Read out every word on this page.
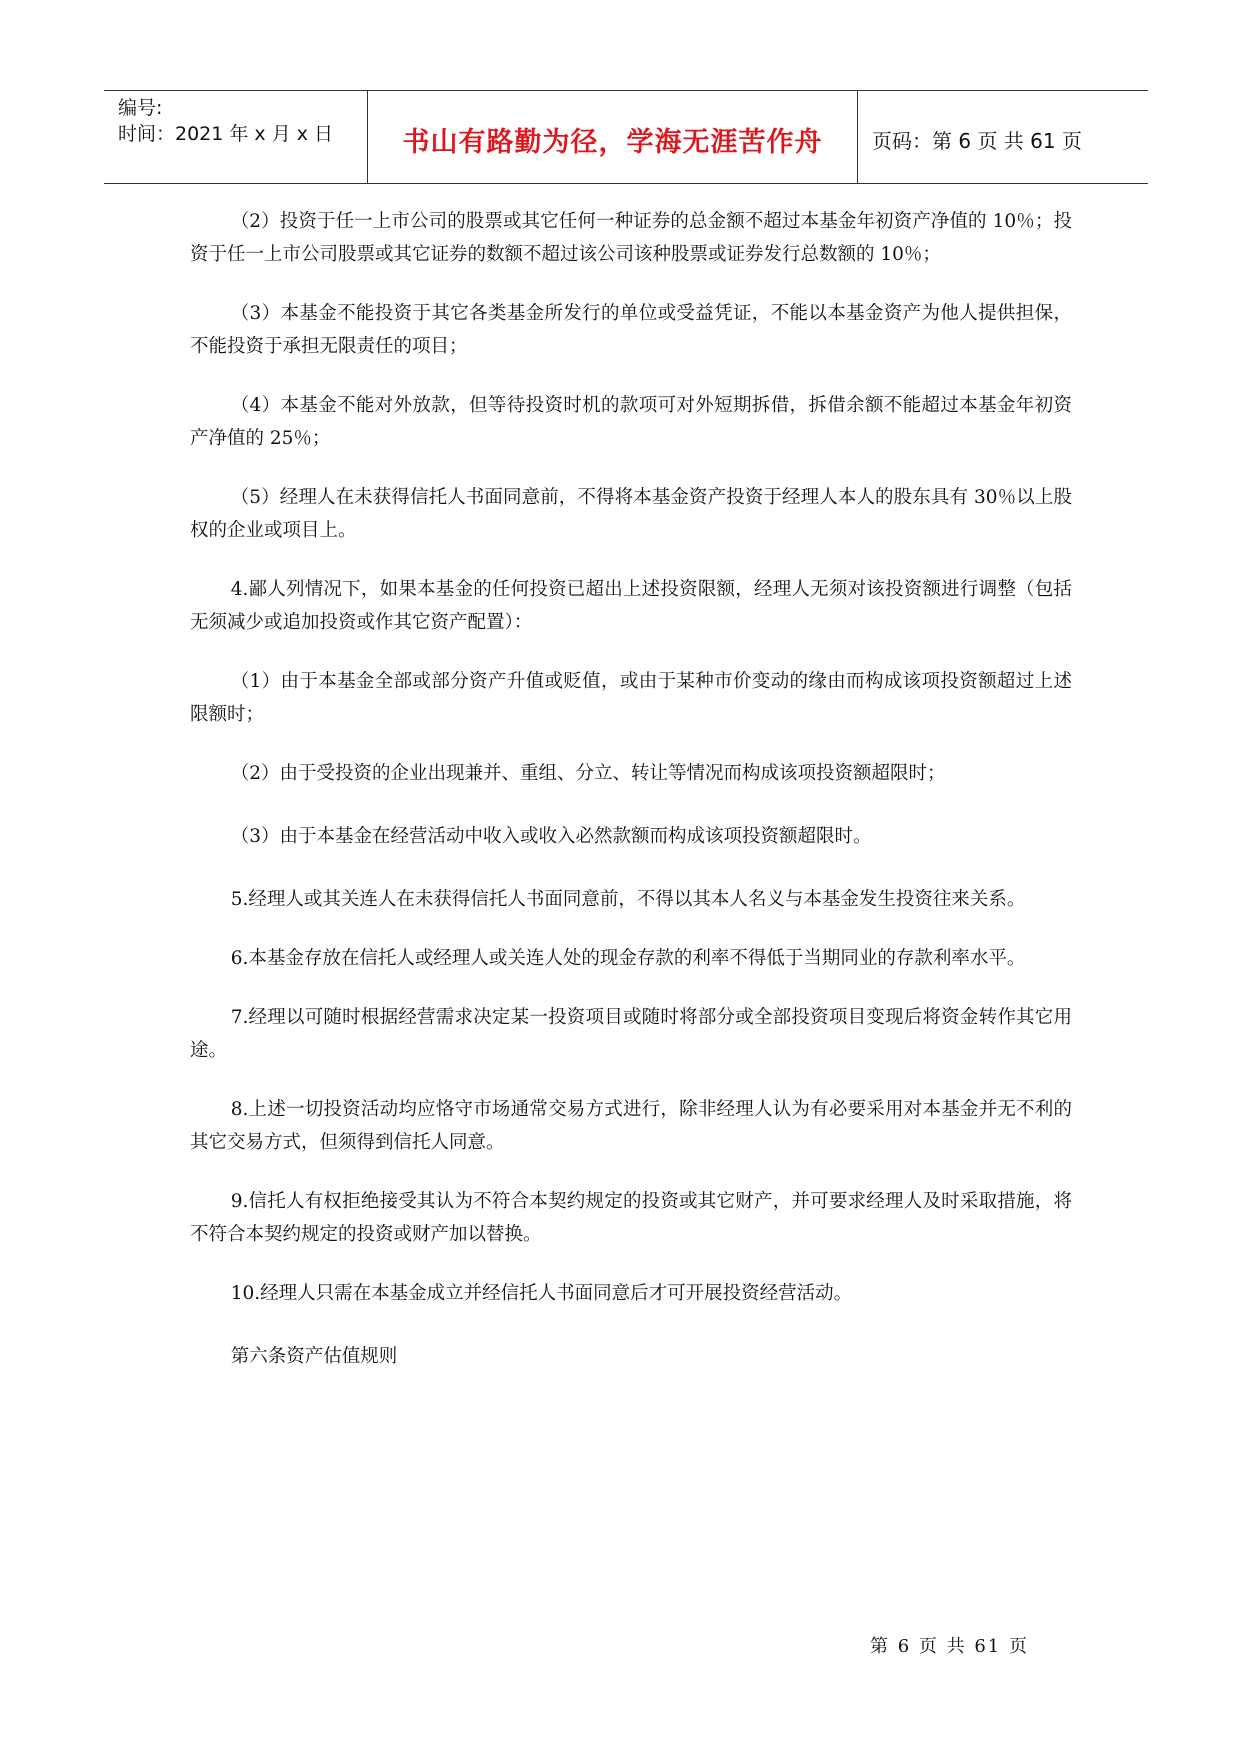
编号:
时间：2021 年 x 月 x 日	书山有路勤为径，学海无涯苦作舟	页码：第 6 页 共 61 页

（2）投资于任一上市公司的股票或其它任何一种证券的总金额不超过本基金年初资产净值的 10％；投资于任一上市公司股票或其它证券的数额不超过该公司该种股票或证券发行总数额的 10％；

（3）本基金不能投资于其它各类基金所发行的单位或受益凭证，不能以本基金资产为他人提供担保，不能投资于承担无限责任的项目；

（4）本基金不能对外放款，但等待投资时机的款项可对外短期拆借，拆借余额不能超过本基金年初资产净值的 25％；

（5）经理人在未获得信托人书面同意前，不得将本基金资产投资于经理人本人的股东具有 30％以上股权的企业或项目上。

4.鄙人列情况下，如果本基金的任何投资已超出上述投资限额，经理人无须对该投资额进行调整（包括无须减少或追加投资或作其它资产配置）：

（1）由于本基金全部或部分资产升值或贬值，或由于某种市价变动的缘由而构成该项投资额超过上述限额时；

（2）由于受投资的企业出现兼并、重组、分立、转让等情况而构成该项投资额超限时；

（3）由于本基金在经营活动中收入或收入必然款额而构成该项投资额超限时。

5.经理人或其关连人在未获得信托人书面同意前，不得以其本人名义与本基金发生投资往来关系。

6.本基金存放在信托人或经理人或关连人处的现金存款的利率不得低于当期同业的存款利率水平。

7.经理以可随时根据经营需求决定某一投资项目或随时将部分或全部投资项目变现后将资金转作其它用途。

8.上述一切投资活动均应恪守市场通常交易方式进行，除非经理人认为有必要采用对本基金并无不利的其它交易方式，但须得到信托人同意。

9.信托人有权拒绝接受其认为不符合本契约规定的投资或其它财产，并可要求经理人及时采取措施，将不符合本契约规定的投资或财产加以替换。

10.经理人只需在本基金成立并经信托人书面同意后才可开展投资经营活动。

第六条资产估值规则

第 6 页 共 61 页
